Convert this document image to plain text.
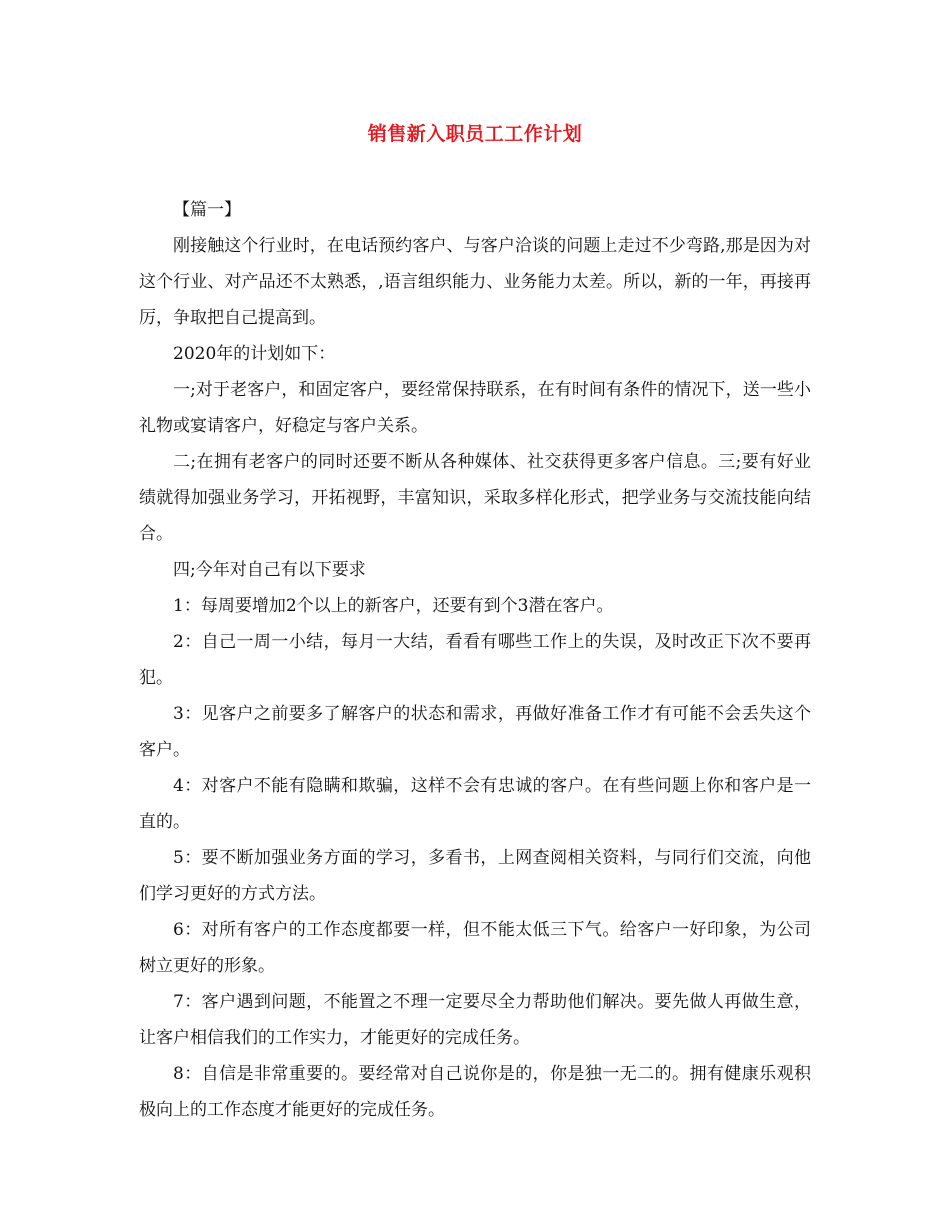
销售新入职员工工作计划

【篇一】

刚接触这个行业时，在电话预约客户、与客户洽谈的问题上走过不少弯路,那是因为对这个行业、对产品还不太熟悉，,语言组织能力、业务能力太差。所以，新的一年，再接再厉，争取把自己提高到。

2020年的计划如下：

一;对于老客户，和固定客户，要经常保持联系，在有时间有条件的情况下，送一些小礼物或宴请客户，好稳定与客户关系。

二;在拥有老客户的同时还要不断从各种媒体、社交获得更多客户信息。三;要有好业绩就得加强业务学习，开拓视野，丰富知识，采取多样化形式，把学业务与交流技能向结合。

四;今年对自己有以下要求

1：每周要增加2个以上的新客户，还要有到个3潜在客户。

2：自己一周一小结，每月一大结，看看有哪些工作上的失误，及时改正下次不要再犯。

3：见客户之前要多了解客户的状态和需求，再做好准备工作才有可能不会丢失这个客户。

4：对客户不能有隐瞒和欺骗，这样不会有忠诚的客户。在有些问题上你和客户是一直的。

5：要不断加强业务方面的学习，多看书，上网查阅相关资料，与同行们交流，向他们学习更好的方式方法。

6：对所有客户的工作态度都要一样，但不能太低三下气。给客户一好印象，为公司树立更好的形象。

7：客户遇到问题，不能置之不理一定要尽全力帮助他们解决。要先做人再做生意，让客户相信我们的工作实力，才能更好的完成任务。

8：自信是非常重要的。要经常对自己说你是的，你是独一无二的。拥有健康乐观积极向上的工作态度才能更好的完成任务。
